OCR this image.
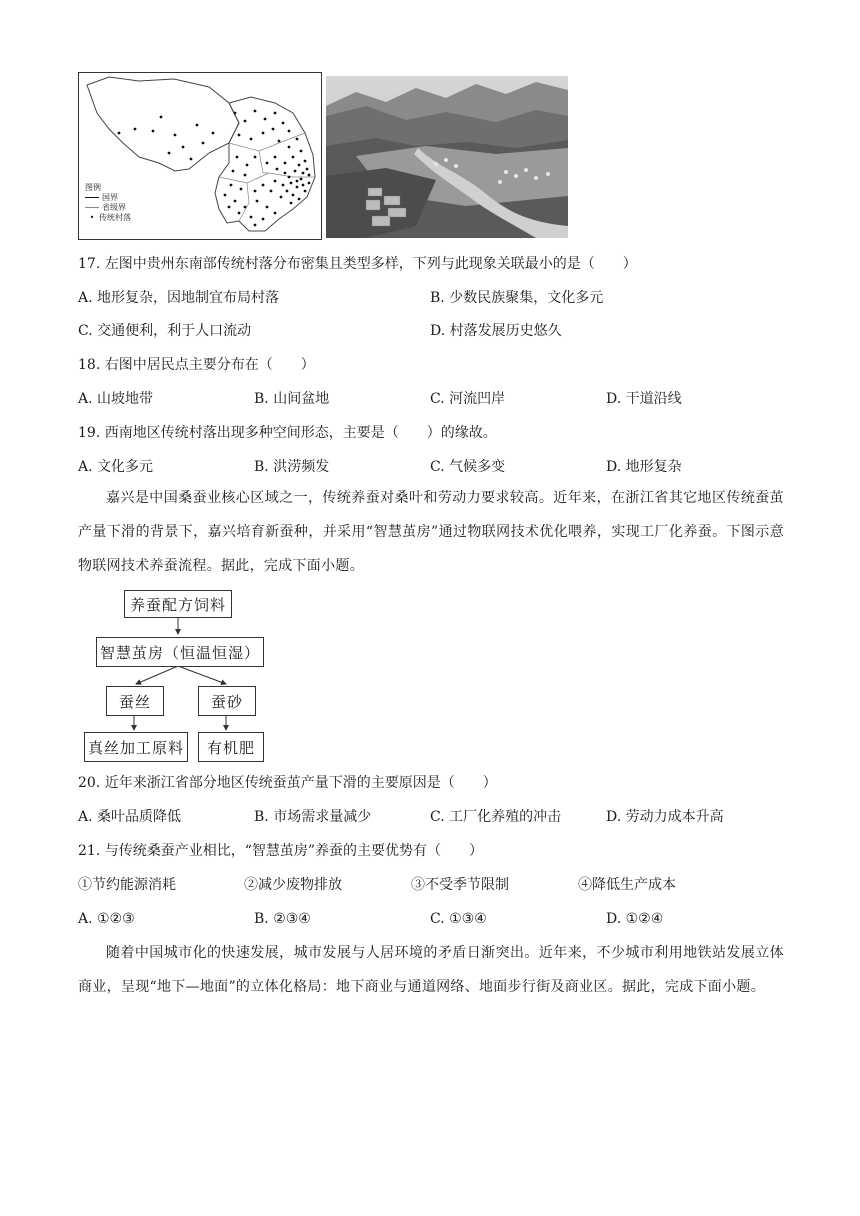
图例
国界
省级界
• 传统村落
17. 左图中贵州东南部传统村落分布密集且类型多样，下列与此现象关联最小的是（　　）
A. 地形复杂，因地制宜布局村落	B. 少数民族聚集，文化多元
C. 交通便利，利于人口流动	D. 村落发展历史悠久
18. 右图中居民点主要分布在（　　）
A. 山坡地带	B. 山间盆地	C. 河流凹岸	D. 干道沿线
19. 西南地区传统村落出现多种空间形态，主要是（　　）的缘故。
A. 文化多元	B. 洪涝频发	C. 气候多变	D. 地形复杂
嘉兴是中国桑蚕业核心区域之一，传统养蚕对桑叶和劳动力要求较高。近年来，在浙江省其它地区传统蚕茧产量下滑的背景下，嘉兴培育新蚕种，并采用“智慧茧房”通过物联网技术优化喂养，实现工厂化养蚕。下图示意物联网技术养蚕流程。据此，完成下面小题。
养蚕配方饲料
智慧茧房（恒温恒湿）
蚕丝	蚕砂
真丝加工原料	有机肥
20. 近年来浙江省部分地区传统蚕茧产量下滑的主要原因是（　　）
A. 桑叶品质降低	B. 市场需求量减少	C. 工厂化养殖的冲击	D. 劳动力成本升高
21. 与传统桑蚕产业相比，“智慧茧房”养蚕的主要优势有（　　）
①节约能源消耗	②减少废物排放	③不受季节限制	④降低生产成本
A. ①②③	B. ②③④	C. ①③④	D. ①②④
随着中国城市化的快速发展，城市发展与人居环境的矛盾日渐突出。近年来，不少城市利用地铁站发展立体商业，呈现“地下—地面”的立体化格局：地下商业与通道网络、地面步行街及商业区。据此，完成下面小题。
